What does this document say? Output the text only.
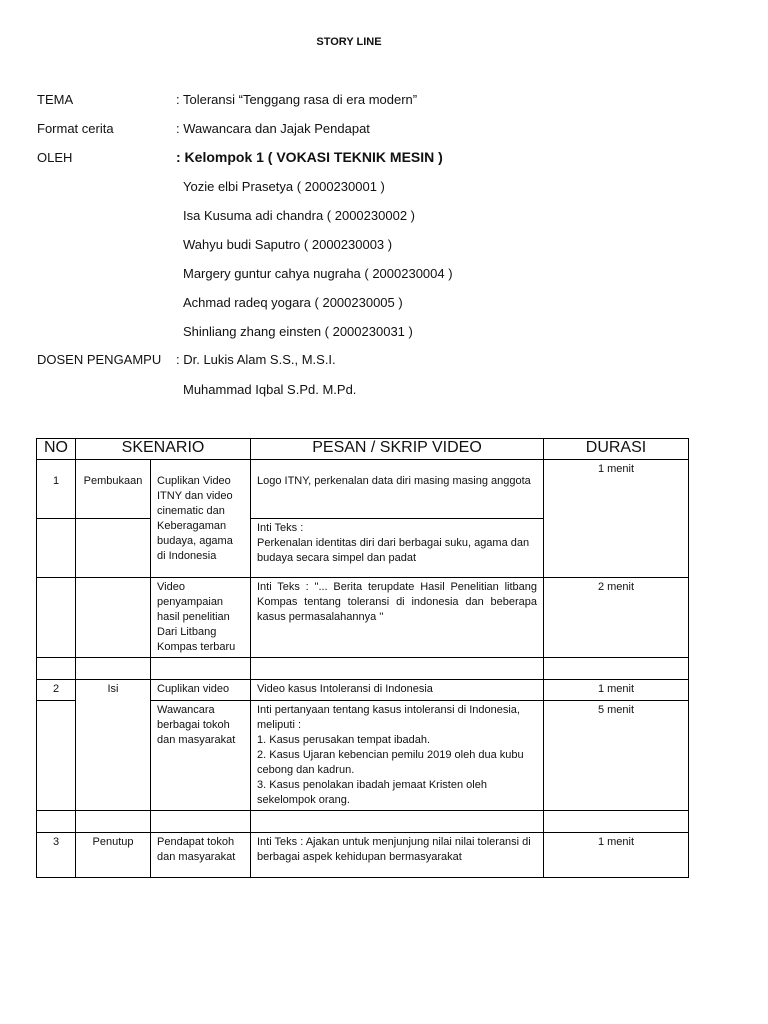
STORY LINE
TEMA	: Toleransi “Tenggang rasa di era modern”
Format cerita	: Wawancara dan Jajak Pendapat
OLEH	: Kelompok 1 ( VOKASI TEKNIK MESIN )
Yozie elbi Prasetya ( 2000230001 )
Isa Kusuma adi chandra ( 2000230002 )
Wahyu budi Saputro ( 2000230003 )
Margery guntur cahya nugraha ( 2000230004 )
Achmad radeq yogara ( 2000230005 )
Shinliang zhang einsten ( 2000230031 )
DOSEN PENGAMPU : Dr. Lukis Alam S.S., M.S.I.
Muhammad Iqbal S.Pd. M.Pd.
NO	SKENARIO		PESAN / SKRIP VIDEO	DURASI
1	Pembukaan	Cuplikan Video ITNY dan video cinematic dan Keberagaman budaya, agama di Indonesia	Logo ITNY, perkenalan data diri masing masing anggota	1 menit

			Inti Teks :
Perkenalan identitas diri dari berbagai suku, agama dan budaya secara simpel dan padat	

		Video penyampaian hasil penelitian Dari Litbang Kompas terbaru	Inti Teks : "... Berita terupdate Hasil Penelitian litbang Kompas tentang toleransi di indonesia dan beberapa kasus permasalahannya ''	2 menit

2	Isi	Cuplikan video	Video kasus Intoleransi di Indonesia	1 menit
		Wawancara berbagai tokoh dan masyarakat	Inti pertanyaan tentang kasus intoleransi di Indonesia, meliputi :
1. Kasus perusakan tempat ibadah.
2. Kasus Ujaran kebencian pemilu 2019 oleh dua kubu cebong dan kadrun.
3. Kasus penolakan ibadah jemaat Kristen oleh sekelompok orang.	5 menit

3	Penutup	Pendapat tokoh dan masyarakat	Inti Teks : Ajakan untuk menjunjung nilai nilai toleransi di berbagai aspek kehidupan bermasyarakat	1 menit
